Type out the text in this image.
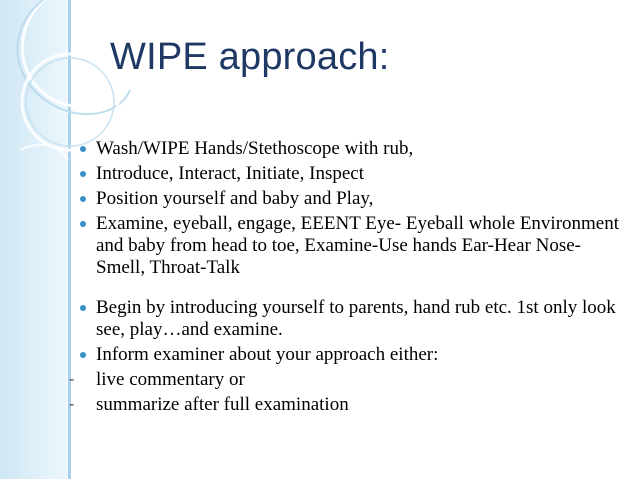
WIPE approach:
Wash/WIPE Hands/Stethoscope with rub,
Introduce, Interact, Initiate, Inspect
Position yourself and baby and Play,
Examine, eyeball, engage, EEENT Eye- Eyeball whole Environment and baby from head to toe, Examine-Use hands Ear-Hear Nose-Smell, Throat-Talk
Begin by introducing yourself to parents, hand rub etc. 1st only look see, play…and examine.
Inform examiner about your approach either:
- live commentary or
- summarize after full examination
